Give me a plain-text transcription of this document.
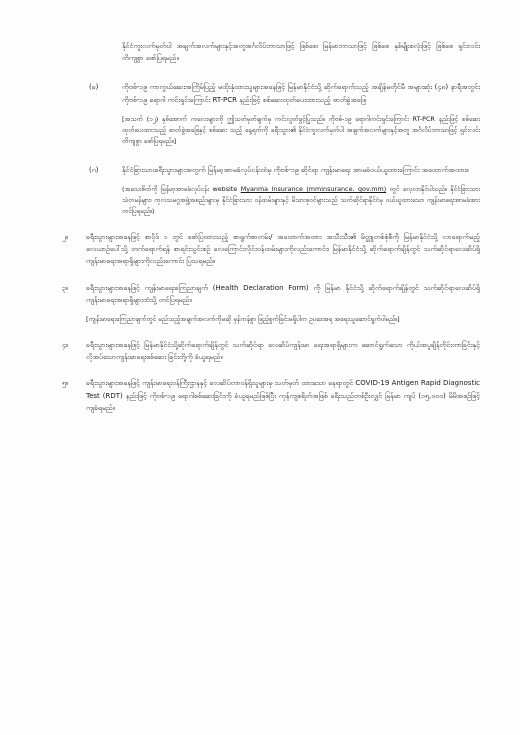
နိုင်ငံကူးလက်မှတ်ပါ အချက်အလက်များနှင့်အတူအင်္ဂလိပ်ဘာသာဖြင့် ဖြစ်စေ၊ မြန်မာဘာသာဖြင့် ဖြစ်စေ နှစ်မျိုးစလုံးဖြင့် ဖြစ်စေ ရှင်းလင်းတိကျစွာ ဖော်ပြရမည်။

(ခ)	ကိုဗစ်-၁၉ ကာကွယ်ဆေးအကြိမ်ပြည့် မထိုးနှံထားသူများအနေဖြင့် မြန်မာနိုင်ငံသို့ ဆိုက်ရောက်သည့် အချိန်မတိုင်မီ အများဆုံး (၄၈) နာရီအတွင်း ကိုဗစ်-၁၉ ရောဂါ ကင်းရှင်းကြောင်း RT-PCR နည်းဖြင့် စစ်ဆေးထုတ်ပေးထားသည့် ဓာတ်ခွဲအဖြေ

[အသက် (၁၂) နှစ်အောက် ကလေးများကို ဤသတ်မှတ်ချက်မှ ကင်းလွတ်ခွင့်ပြုသည်။ ကိုဗစ်-၁၉ ရောဂါကင်းရှင်းကြောင်း RT-PCR နည်းဖြင့် စစ်ဆေးထုတ်ပေးထားသည့် ဓာတ်ခွဲအဖြေနှင့် စစ်ဆေး သည့် နေ့ရက်ကို ခရီးသွား၏ နိုင်ငံကူးလက်မှတ်ပါ အချက်အလက်များနှင့်အတူ အင်္ဂလိပ်ဘာသာဖြင့် ရှင်းလင်း တိကျစွာ ဖော်ပြရမည်။]

(ဂ)	နိုင်ငံခြားသားခရီးသွားများအတွက် မြန်မာ့အာမခံလုပ်ငန်းထံမှ ကိုဗစ်-၁၉ ဆိုင်ရာ ကျန်းမာရေး အာမခံဝယ်ယူထားကြောင်း အထောက်အထား။

(အသေးစိတ်ကို မြန်မာ့အာမခံလုပ်ငန်း website Myanma Insurance (mminsurance. gov.mm) တွင် လေ့လာနိုင်ပါသည်။ နိုင်ငံခြားသားသံတမန်များ၊ ကုလသမဂ္ဂအဖွဲ့အစည်းများမှ နိုင်ငံခြားသား ဝန်ထမ်းများနှင့် မိသားစုဝင်များသည် သက်ဆိုင်ရာနိုင်ငံမှ ဝယ်ယူထားသော ကျန်းမာရေးအာမခံအား တင်ပြရမည်။)

၂။	ခရီးသွားများအနေဖြင့် စာပိုဒ် ၁ တွင် ဖော်ပြထားသည့် စာရွက်စာတမ်း/ အထောက်အထား အသီးသီး၏ မိတ္တူတစ်စုံစီကို မြန်မာနိုင်ငံသို့ လာရောက်မည့် လေယာဉ်ပေါ်သို့ တက်ရောက်ရန် စာရင်းသွင်းစဉ် လေကြောင်းလိုင်းဝန်ထမ်းများကိုလည်းကောင်း၊ မြန်မာနိုင်ငံသို့ ဆိုက်ရောက်ချိန်တွင် သက်ဆိုင်ရာလေဆိပ်ရှိ ကျန်းမာရေးအရာရှိများကိုလည်းကောင်း ပြသရမည်။

၃။	ခရီးသွားများအနေဖြင့် ကျန်းမာရေးကြေညာချက် (Health Declaration Form) ကို မြန်မာ နိုင်ငံသို့ ဆိုက်ရောက်ချိန်တွင် သက်ဆိုင်ရာလေဆိပ်ရှိ ကျန်းမာရေးအရာရှိများထံသို့ တင်ပြရမည်။

[ကျန်းမာရေးကြေညာချက်တွင် မည်သည့်အချက်အလက်ကိုမဆို မှန်ကန်စွာ ဖြည့်စွက်ခြင်းမရှိပါက ဥပဒေအရ အရေးယူဆောင်ရွက်ပါမည်။]

၄။	ခရီးသွားများအနေဖြင့် မြန်မာနိုင်ငံသို့ဆိုက်ရောက်ချိန်တွင် သက်ဆိုင်ရာ လေဆိပ်ကျန်းမာ ရေးအရာရှိများက ဆောင်ရွက်သော ကိုယ်အပူချိန်တိုင်းတာခြင်းနှင့် လိုအပ်သောကျန်းမာရေးစစ်ဆေး ခြင်းတို့ကို ခံယူရမည်။

၅။	ခရီးသွားများအနေဖြင့် ကျန်းမာရေးဝန်ကြီးဌာနနှင့် လေဆိပ်တာဝန်ရှိသူများမှ သတ်မှတ် ထားသော နေရာတွင် COVID-19 Antigen Rapid Diagnostic Test (RDT) နည်းဖြင့် ကိုဗစ်-၁၉ ရောဂါစစ်ဆေးခြင်းကို ခံယူရမည်ဖြစ်ပြီး ကုန်ကျစရိတ်အဖြစ် ခရီးသည်တစ်ဦးလျှင် မြန်မာ ကျပ် (၁၅,၀၀၀) မိမိအစဉ်ဖြင့် ကျခံရမည်။
